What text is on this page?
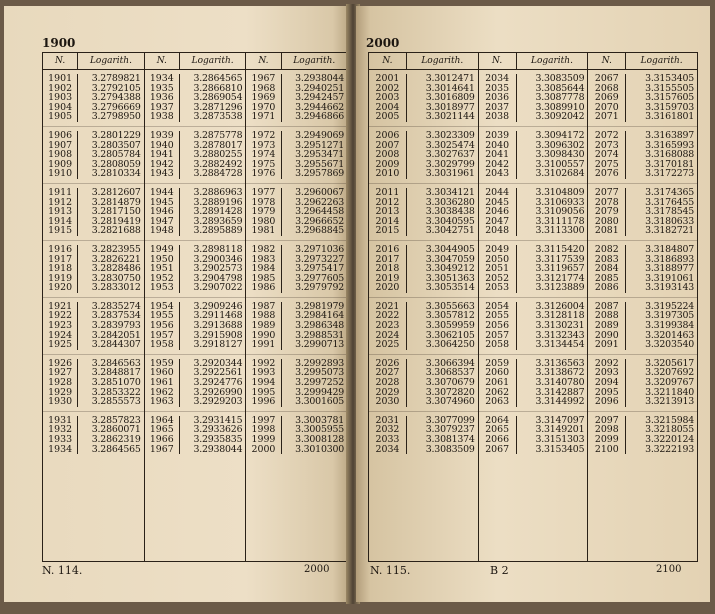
1900
N.	Logarith.
1901	3.2789821
1902	3.2792105
1903	3.2794388
1904	3.2796669
1905	3.2798950
1906	3.2801229
1907	3.2803507
1908	3.2805784
1909	3.2808059
1910	3.2810334
1911	3.2812607
1912	3.2814879
1913	3.2817150
1914	3.2819419
1915	3.2821688
1916	3.2823955
1917	3.2826221
1918	3.2828486
1919	3.2830750
1920	3.2833012
1921	3.2835274
1922	3.2837534
1923	3.2839793
1924	3.2842051
1925	3.2844307
1926	3.2846563
1927	3.2848817
1928	3.2851070
1929	3.2853322
1930	3.2855573
1931	3.2857823
1932	3.2860071
1933	3.2862319
1934	3.2864565
N.	Logarith.
1934	3.2864565
1935	3.2866810
1936	3.2869054
1937	3.2871296
1938	3.2873538
1939	3.2875778
1940	3.2878017
1941	3.2880255
1942	3.2882492
1943	3.2884728
1944	3.2886963
1945	3.2889196
1946	3.2891428
1947	3.2893659
1948	3.2895889
1949	3.2898118
1950	3.2900346
1951	3.2902573
1952	3.2904798
1953	3.2907022
1954	3.2909246
1955	3.2911468
1956	3.2913688
1957	3.2915908
1958	3.2918127
1959	3.2920344
1960	3.2922561
1961	3.2924776
1962	3.2926990
1963	3.2929203
1964	3.2931415
1965	3.2933626
1966	3.2935835
1967	3.2938044
N.	Logarith.
1967	3.2938044
1968	3.2940251
1969	3.2942457
1970	3.2944662
1971	3.2946866
1972	3.2949069
1973	3.2951271
1974	3.2953471
1975	3.2955671
1976	3.2957869
1977	3.2960067
1978	3.2962263
1979	3.2964458
1980	3.2966652
1981	3.2968845
1982	3.2971036
1983	3.2973227
1984	3.2975417
1985	3.2977605
1986	3.2979792
1987	3.2981979
1988	3.2984164
1989	3.2986348
1990	3.2988531
1991	3.2990713
1992	3.2992893
1993	3.2995073
1994	3.2997252
1995	3.2999429
1996	3.3001605
1997	3.3003781
1998	3.3005955
1999	3.3008128
2000	3.3010300
N. 114.	2000
2000
N.	Logarith.
2001	3.3012471
2002	3.3014641
2003	3.3016809
2004	3.3018977
2005	3.3021144
2006	3.3023309
2007	3.3025474
2008	3.3027637
2009	3.3029799
2010	3.3031961
2011	3.3034121
2012	3.3036280
2013	3.3038438
2014	3.3040595
2015	3.3042751
2016	3.3044905
2017	3.3047059
2018	3.3049212
2019	3.3051363
2020	3.3053514
2021	3.3055663
2022	3.3057812
2023	3.3059959
2024	3.3062105
2025	3.3064250
2026	3.3066394
2027	3.3068537
2028	3.3070679
2029	3.3072820
2030	3.3074960
2031	3.3077099
2032	3.3079237
2033	3.3081374
2034	3.3083509
N.	Logarith.
2034	3.3083509
2035	3.3085644
2036	3.3087778
2037	3.3089910
2038	3.3092042
2039	3.3094172
2040	3.3096302
2041	3.3098430
2042	3.3100557
2043	3.3102684
2044	3.3104809
2045	3.3106933
2046	3.3109056
2047	3.3111178
2048	3.3113300
2049	3.3115420
2050	3.3117539
2051	3.3119657
2052	3.3121774
2053	3.3123889
2054	3.3126004
2055	3.3128118
2056	3.3130231
2057	3.3132343
2058	3.3134454
2059	3.3136563
2060	3.3138672
2061	3.3140780
2062	3.3142887
2063	3.3144992
2064	3.3147097
2065	3.3149201
2066	3.3151303
2067	3.3153405
N.	Logarith.
2067	3.3153405
2068	3.3155505
2069	3.3157605
2070	3.3159703
2071	3.3161801
2072	3.3163897
2073	3.3165993
2074	3.3168088
2075	3.3170181
2076	3.3172273
2077	3.3174365
2078	3.3176455
2079	3.3178545
2080	3.3180633
2081	3.3182721
2082	3.3184807
2083	3.3186893
2084	3.3188977
2085	3.3191061
2086	3.3193143
2087	3.3195224
2088	3.3197305
2089	3.3199384
2090	3.3201463
2091	3.3203540
2092	3.3205617
2093	3.3207692
2094	3.3209767
2095	3.3211840
2096	3.3213913
2097	3.3215984
2098	3.3218055
2099	3.3220124
2100	3.3222193
N. 115.	B 2	2100
